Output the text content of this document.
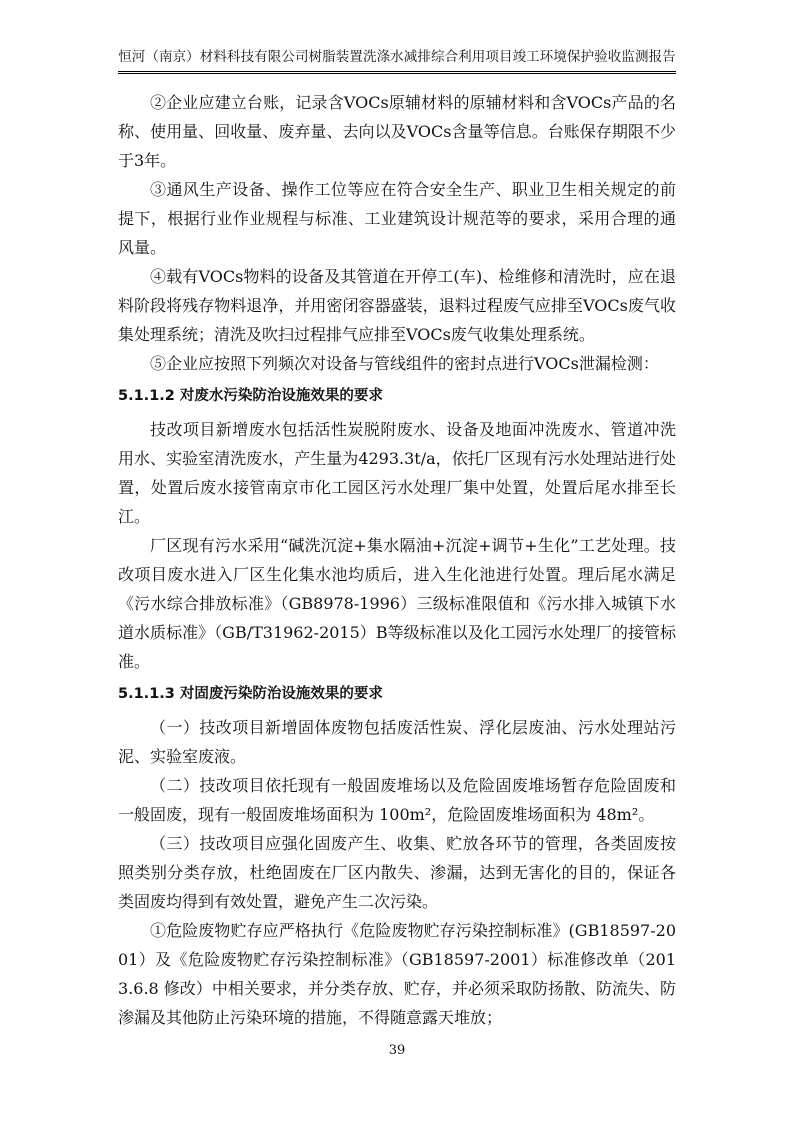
恒河（南京）材料科技有限公司树脂装置洗涤水减排综合利用项目竣工环境保护验收监测报告

②企业应建立台账，记录含VOCs原辅材料的原辅材料和含VOCs产品的名称、使用量、回收量、废弃量、去向以及VOCs含量等信息。台账保存期限不少于3年。

③通风生产设备、操作工位等应在符合安全生产、职业卫生相关规定的前提下，根据行业作业规程与标准、工业建筑设计规范等的要求，采用合理的通风量。

④载有VOCs物料的设备及其管道在开停工(车)、检维修和清洗时，应在退料阶段将残存物料退净，并用密闭容器盛装，退料过程废气应排至VOCs废气收集处理系统；清洗及吹扫过程排气应排至VOCs废气收集处理系统。

⑤企业应按照下列频次对设备与管线组件的密封点进行VOCs泄漏检测：

5.1.1.2 对废水污染防治设施效果的要求

技改项目新增废水包括活性炭脱附废水、设备及地面冲洗废水、管道冲洗用水、实验室清洗废水，产生量为4293.3t/a，依托厂区现有污水处理站进行处置，处置后废水接管南京市化工园区污水处理厂集中处置，处置后尾水排至长江。

厂区现有污水采用“碱洗沉淀+集水隔油+沉淀+调节+生化”工艺处理。技改项目废水进入厂区生化集水池均质后，进入生化池进行处置。理后尾水满足《污水综合排放标准》（GB8978-1996）三级标准限值和《污水排入城镇下水道水质标准》（GB/T31962-2015）B等级标准以及化工园污水处理厂的接管标准。

5.1.1.3 对固废污染防治设施效果的要求

（一）技改项目新增固体废物包括废活性炭、浮化层废油、污水处理站污泥、实验室废液。

（二）技改项目依托现有一般固废堆场以及危险固废堆场暂存危险固废和一般固废，现有一般固废堆场面积为 100m²，危险固废堆场面积为 48m²。

（三）技改项目应强化固废产生、收集、贮放各环节的管理，各类固废按照类别分类存放，杜绝固废在厂区内散失、渗漏，达到无害化的目的，保证各类固废均得到有效处置，避免产生二次污染。

①危险废物贮存应严格执行《危险废物贮存污染控制标准》(GB18597-2001）及《危险废物贮存污染控制标准》（GB18597-2001）标准修改单（2013.6.8 修改）中相关要求，并分类存放、贮存，并必须采取防扬散、防流失、防渗漏及其他防止污染环境的措施，不得随意露天堆放；

39
